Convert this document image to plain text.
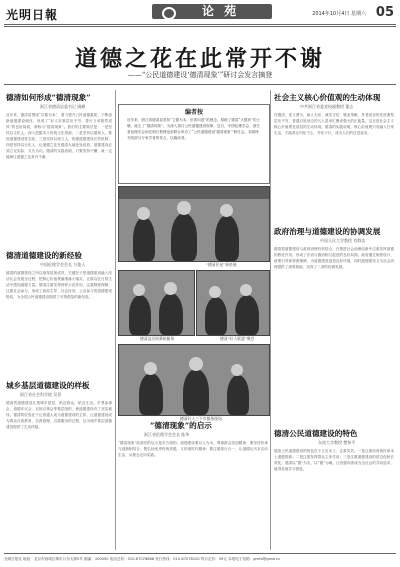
光明日報	论 苑	2014年10月4日 星期六 05
道德之花在此常开不谢
——“公民道德建设‘德清现象’”研讨会发言摘登
德清如何形成“德清现象”
浙江省德清县委书记 姚峰
近年来，德清县围绕“以德为本”，着力提升公民道德素质，不断创新道德建设载体，形成了“好人好事层出不穷、善行义举蔚然成风”的良好局面，被称为“德清现象”。我们的主要做法是：一是坚持以文化人，深入挖掘本土传统文化资源；二是坚持以德育人，推进道德建设常态化；三是坚持以规立人，构建道德建设长效机制；四是坚持以行化人，让道德之花在德清大地处处绽放。道德建设必须立足实际，久久为功。德清的实践表明，只要坚持不懈，就一定能够让道德之花常开不谢。
编者按
近年来，浙江省德清县坚持“立德为本，崇善向善”的理念，厚植了德清“大德育”的土壤，诞生了“德清现象”。为深入探讨公民道德建设规律，近日，中国伦理学会、浙江省伦理学会和光明日报理论部联合举办了“公民道德建设‘德清现象’”研讨会。本版特刊发部分专家学者的发言，以飨读者。
社会主义核心价值观的生动体现
中共浙江省委党校副教授 董志
在德清，见义勇为、助人为乐、诚实守信、敬业奉献、孝老爱亲的先进典型层出不穷，普通百姓身边的凡人善举汇聚成强大的正能量。这正是社会主义核心价值观在基层的生动体现。德清的实践说明，核心价值观只有融入日常生活，才能真正内化于心、外化于行，成为人们的自觉追求。
“德清民星”事迹展
德清道德建设的新经验
中国伦理学会会长 万俊人
德清的道德建设之所以取得显著成效，关键在于把道德建设融入经济社会发展全过程，把核心价值观落细落小落实，让群众在日常生活中感知道德力量。德清注重发挥榜样示范作用，注重制度保障，注重社会参与，形成了政府主导、社会协同、公众参与的道德建设格局，为全国公民道德建设提供了可资借鉴的新经验。
德清县民间募捐服务	德清“好人联盟”聚会
德清好人三下乡服务现场
政府治理与道德建设的协调发展
中国人民大学教授 肖群忠
德清将道德建设与政府治理有机结合，在推进社会治理创新中注重发挥道德的教化作用，形成了法治与德治相互促进的良好局面。政府通过制度设计、政策引导和资源保障，为道德建设创造良好环境，同时道德建设又为社会治理提供了深厚基础，实现了二者的协调发展。
城乡基层道德建设的样板
浙江省社会科学院 吴蓓
德清的道德建设扎根城乡基层，贴近群众，贴近生活。乡贤参事会、道德评议会、百姓议事会等基层组织，使道德建设有了坚实载体。德清的经验在于让普通人成为道德建设的主体，让道德建设成为群众自我教育、自我管理、自我服务的过程，这为城乡基层道德建设提供了生动样板。	“德清现象”的启示
浙江省伦理学会会长 陈华
“德清现象”给我们的启示是多方面的。道德建设要以人为本，尊重群众首创精神；要坚持传承与创新相结合，既弘扬优秀传统美德，又体现时代精神；要注重知行合一，让道德从书本走向生活，从理念走向实践。
德清公民道德建设的特色
东南大学教授 樊和平
德清公民道德建设的特色在于立足本土、注重实效。一是注重培育和传承本土道德资源；二是注重发挥群众主体作用；三是注重道德建设的常态化和长效化。德清以“德”为名，以“德”为魂，让崇德向善成为全社会的共同追求，值得各地学习借鉴。
光明日报社 地址：北京市西城区珠市口东大街5号 邮编：100050 电话总机：010-67078888 发行热线：010-67078100 每月定价：39元 本报电子信箱：gmrb@gmw.cn
